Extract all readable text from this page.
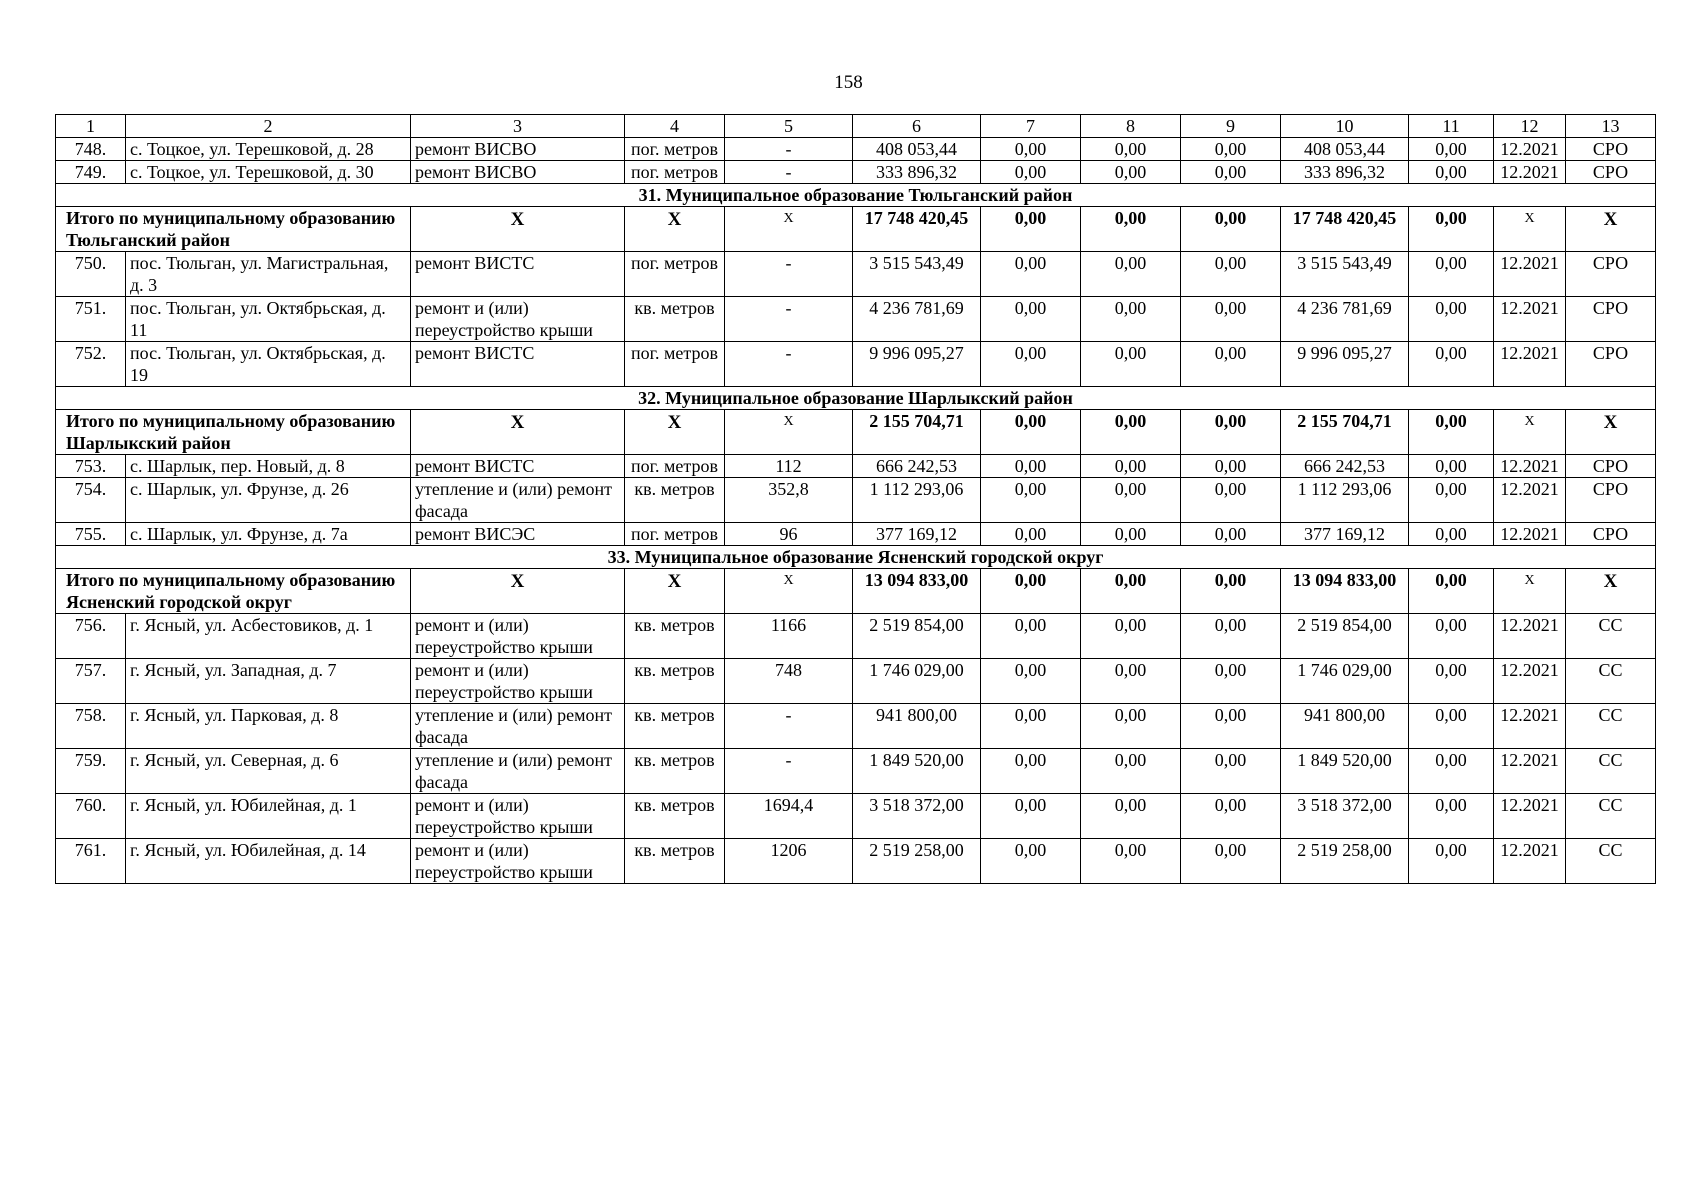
158
1	2	3	4	5	6	7	8	9	10	11	12	13
748.	с. Тоцкое, ул. Терешковой, д. 28	ремонт ВИСВО	пог. метров	-	408 053,44	0,00	0,00	0,00	408 053,44	0,00	12.2021	СРО
749.	с. Тоцкое, ул. Терешковой, д. 30	ремонт ВИСВО	пог. метров	-	333 896,32	0,00	0,00	0,00	333 896,32	0,00	12.2021	СРО
31. Муниципальное образование Тюльганский район												
Итого по муниципальному образованию Тюльганский район		Х	Х	Х	17 748 420,45	0,00	0,00	0,00	17 748 420,45	0,00	Х	Х
750.	пос. Тюльган, ул. Магистральная, д. 3	ремонт ВИСТС	пог. метров	-	3 515 543,49	0,00	0,00	0,00	3 515 543,49	0,00	12.2021	СРО
751.	пос. Тюльган, ул. Октябрьская, д. 11	ремонт и (или) переустройство крыши	кв. метров	-	4 236 781,69	0,00	0,00	0,00	4 236 781,69	0,00	12.2021	СРО
752.	пос. Тюльган, ул. Октябрьская, д. 19	ремонт ВИСТС	пог. метров	-	9 996 095,27	0,00	0,00	0,00	9 996 095,27	0,00	12.2021	СРО
32. Муниципальное образование Шарлыкский район												
Итого по муниципальному образованию Шарлыкский район		Х	Х	Х	2 155 704,71	0,00	0,00	0,00	2 155 704,71	0,00	Х	Х
753.	с. Шарлык, пер. Новый, д. 8	ремонт ВИСТС	пог. метров	112	666 242,53	0,00	0,00	0,00	666 242,53	0,00	12.2021	СРО
754.	с. Шарлык, ул. Фрунзе, д. 26	утепление и (или) ремонт фасада	кв. метров	352,8	1 112 293,06	0,00	0,00	0,00	1 112 293,06	0,00	12.2021	СРО
755.	с. Шарлык, ул. Фрунзе, д. 7а	ремонт ВИСЭС	пог. метров	96	377 169,12	0,00	0,00	0,00	377 169,12	0,00	12.2021	СРО
33. Муниципальное образование Ясненский городской округ												
Итого по муниципальному образованию Ясненский городской округ		Х	Х	Х	13 094 833,00	0,00	0,00	0,00	13 094 833,00	0,00	Х	Х
756.	г. Ясный, ул. Асбестовиков, д. 1	ремонт и (или) переустройство крыши	кв. метров	1166	2 519 854,00	0,00	0,00	0,00	2 519 854,00	0,00	12.2021	СС
757.	г. Ясный, ул. Западная, д. 7	ремонт и (или) переустройство крыши	кв. метров	748	1 746 029,00	0,00	0,00	0,00	1 746 029,00	0,00	12.2021	СС
758.	г. Ясный, ул. Парковая, д. 8	утепление и (или) ремонт фасада	кв. метров	-	941 800,00	0,00	0,00	0,00	941 800,00	0,00	12.2021	СС
759.	г. Ясный, ул. Северная, д. 6	утепление и (или) ремонт фасада	кв. метров	-	1 849 520,00	0,00	0,00	0,00	1 849 520,00	0,00	12.2021	СС
760.	г. Ясный, ул. Юбилейная, д. 1	ремонт и (или) переустройство крыши	кв. метров	1694,4	3 518 372,00	0,00	0,00	0,00	3 518 372,00	0,00	12.2021	СС
761.	г. Ясный, ул. Юбилейная, д. 14	ремонт и (или) переустройство крыши	кв. метров	1206	2 519 258,00	0,00	0,00	0,00	2 519 258,00	0,00	12.2021	СС
